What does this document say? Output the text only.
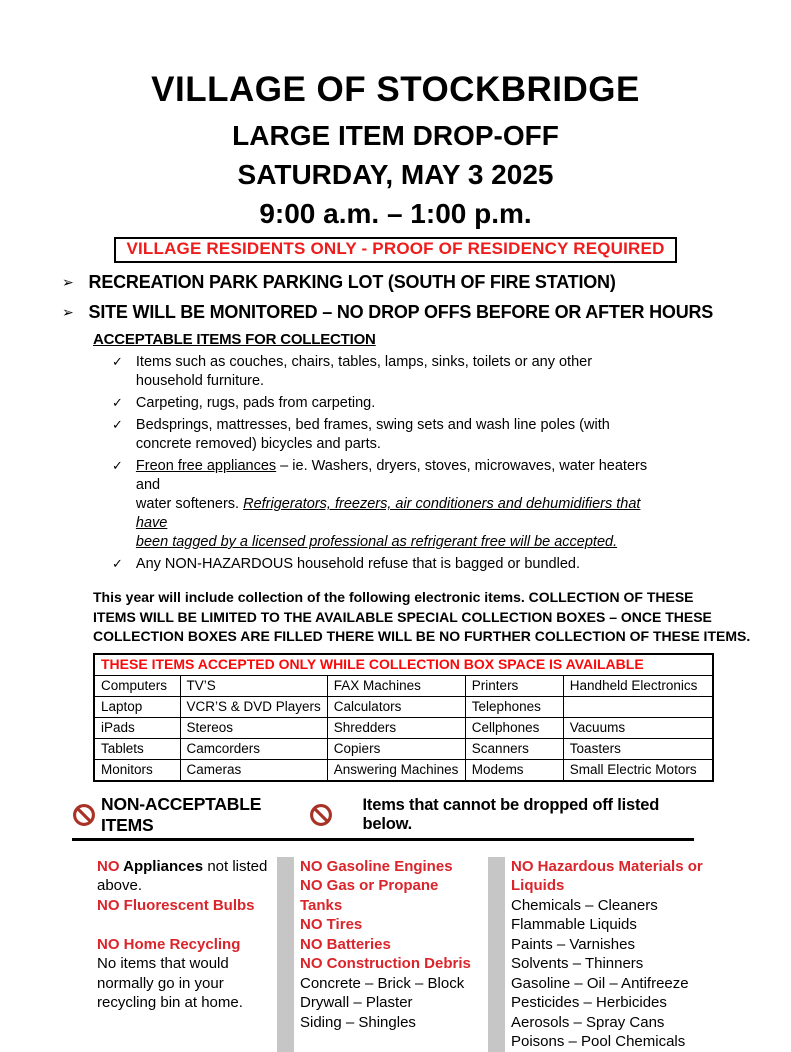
VILLAGE OF STOCKBRIDGE
LARGE ITEM DROP-OFF
SATURDAY, MAY 3 2025
9:00 a.m. – 1:00 p.m.
VILLAGE RESIDENTS ONLY - PROOF OF RESIDENCY REQUIRED
➢ RECREATION PARK PARKING LOT (SOUTH OF FIRE STATION)
➢ SITE WILL BE MONITORED – NO DROP OFFS BEFORE OR AFTER HOURS
ACCEPTABLE ITEMS FOR COLLECTION
✓ Items such as couches, chairs, tables, lamps, sinks, toilets or any other
household furniture.
✓ Carpeting, rugs, pads from carpeting.
✓ Bedsprings, mattresses, bed frames, swing sets and wash line poles (with
concrete removed) bicycles and parts.
✓ Freon free appliances – ie. Washers, dryers, stoves, microwaves, water heaters and
water softeners. Refrigerators, freezers, air conditioners and dehumidifiers that have
been tagged by a licensed professional as refrigerant free will be accepted.
✓ Any NON-HAZARDOUS household refuse that is bagged or bundled.
This year will include collection of the following electronic items. COLLECTION OF THESE
ITEMS WILL BE LIMITED TO THE AVAILABLE SPECIAL COLLECTION BOXES – ONCE THESE
COLLECTION BOXES ARE FILLED THERE WILL BE NO FURTHER COLLECTION OF THESE ITEMS.
THESE ITEMS ACCEPTED ONLY WHILE COLLECTION BOX SPACE IS AVAILABLE				
Computers	TV’S	FAX Machines	Printers	Handheld Electronics
Laptop	VCR’S & DVD Players	Calculators	Telephones	
iPads	Stereos	Shredders	Cellphones	Vacuums
Tablets	Camcorders	Copiers	Scanners	Toasters
Monitors	Cameras	Answering Machines	Modems	Small Electric Motors
NON-ACCEPTABLE ITEMS
Items that cannot be dropped off listed below.
NO Appliances not listed above.
NO Fluorescent Bulbs
NO Home Recycling
No items that would normally go in your recycling bin at home.
NO Gasoline Engines
NO Gas or Propane Tanks
NO Tires
NO Batteries
NO Construction Debris
Concrete – Brick – Block
Drywall – Plaster
Siding – Shingles
NO Hazardous Materials or Liquids
Chemicals – Cleaners
Flammable Liquids
Paints – Varnishes
Solvents – Thinners
Gasoline – Oil – Antifreeze
Pesticides – Herbicides
Aerosols – Spray Cans
Poisons – Pool Chemicals
